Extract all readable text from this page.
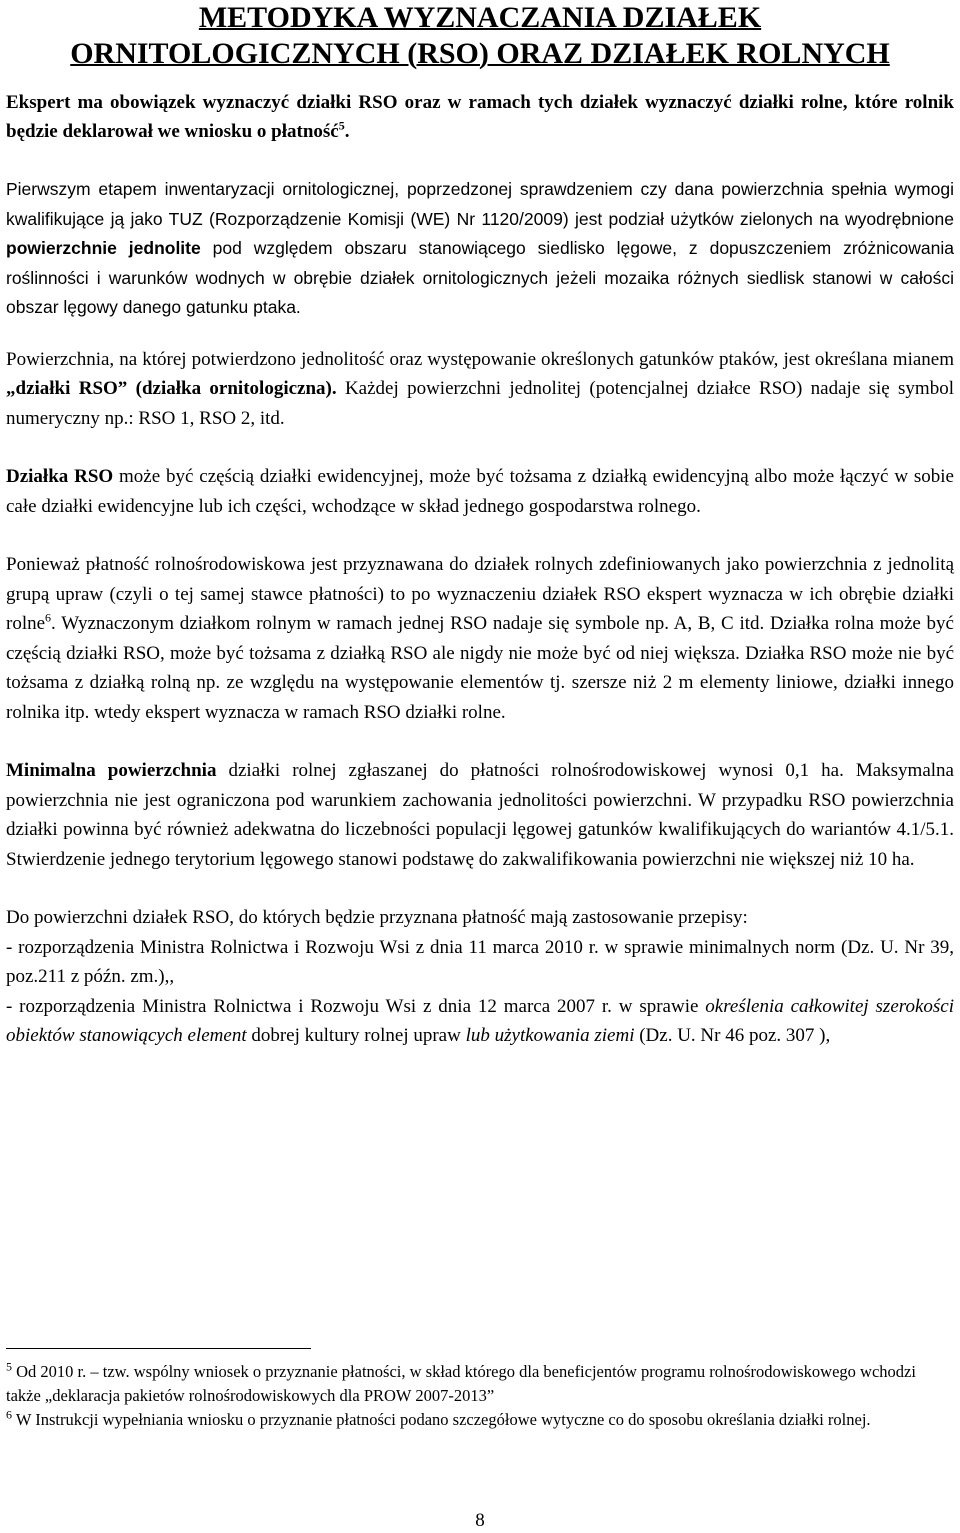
METODYKA WYZNACZANIA DZIAŁEK
ORNITOLOGICZNYCH (RSO) ORAZ DZIAŁEK ROLNYCH

Ekspert ma obowiązek wyznaczyć działki RSO oraz w ramach tych działek wyznaczyć działki rolne, które rolnik będzie deklarował we wniosku o płatność$^5$.

Pierwszym etapem inwentaryzacji ornitologicznej, poprzedzonej sprawdzeniem czy dana powierzchnia spełnia wymogi kwalifikujące ją jako TUZ (Rozporządzenie Komisji (WE) Nr 1120/2009) jest podział użytków zielonych na wyodrębnione powierzchnie jednolite pod względem obszaru stanowiącego siedlisko lęgowe, z dopuszczeniem zróżnicowania roślinności i warunków wodnych w obrębie działek ornitologicznych jeżeli mozaika różnych siedlisk stanowi w całości obszar lęgowy danego gatunku ptaka.

Powierzchnia, na której potwierdzono jednolitość oraz występowanie określonych gatunków ptaków, jest określana mianem „działki RSO” (działka ornitologiczna). Każdej powierzchni jednolitej (potencjalnej działce RSO) nadaje się symbol numeryczny np.: RSO 1, RSO 2, itd.

Działka RSO może być częścią działki ewidencyjnej, może być tożsama z działką ewidencyjną albo może łączyć w sobie całe działki ewidencyjne lub ich części, wchodzące w skład jednego gospodarstwa rolnego.

Ponieważ płatność rolnośrodowiskowa jest przyznawana do działek rolnych zdefiniowanych jako powierzchnia z jednolitą grupą upraw (czyli o tej samej stawce płatności) to po wyznaczeniu działek RSO ekspert wyznacza w ich obrębie działki rolne$^6$. Wyznaczonym działkom rolnym w ramach jednej RSO nadaje się symbole np. A, B, C itd. Działka rolna może być częścią działki RSO, może być tożsama z działką RSO ale nigdy nie może być od niej większa. Działka RSO może nie być tożsama z działką rolną np. ze względu na występowanie elementów tj. szersze niż 2 m elementy liniowe, działki innego rolnika itp. wtedy ekspert wyznacza w ramach RSO działki rolne.

Minimalna powierzchnia działki rolnej zgłaszanej do płatności rolnośrodowiskowej wynosi 0,1 ha. Maksymalna powierzchnia nie jest ograniczona pod warunkiem zachowania jednolitości powierzchni. W przypadku RSO powierzchnia działki powinna być również adekwatna do liczebności populacji lęgowej gatunków kwalifikujących do wariantów 4.1/5.1. Stwierdzenie jednego terytorium lęgowego stanowi podstawę do zakwalifikowania powierzchni nie większej niż 10 ha.

Do powierzchni działek RSO, do których będzie przyznana płatność mają zastosowanie przepisy:

- rozporządzenia Ministra Rolnictwa i Rozwoju Wsi z dnia 11 marca 2010 r. w sprawie minimalnych norm (Dz. U. Nr 39, poz.211 z późn. zm.),,

- rozporządzenia Ministra Rolnictwa i Rozwoju Wsi z dnia 12 marca 2007 r. w sprawie określenia całkowitej szerokości obiektów stanowiących element dobrej kultury rolnej upraw lub użytkowania ziemi (Dz. U. Nr 46 poz. 307 ),

$^5$ Od 2010 r. – tzw. wspólny wniosek o przyznanie płatności, w skład którego dla beneficjentów programu rolnośrodowiskowego wchodzi także „deklaracja pakietów rolnośrodowiskowych dla PROW 2007-2013”

$^6$ W Instrukcji wypełniania wniosku o przyznanie płatności podano szczegółowe wytyczne co do sposobu określania działki rolnej.

8
